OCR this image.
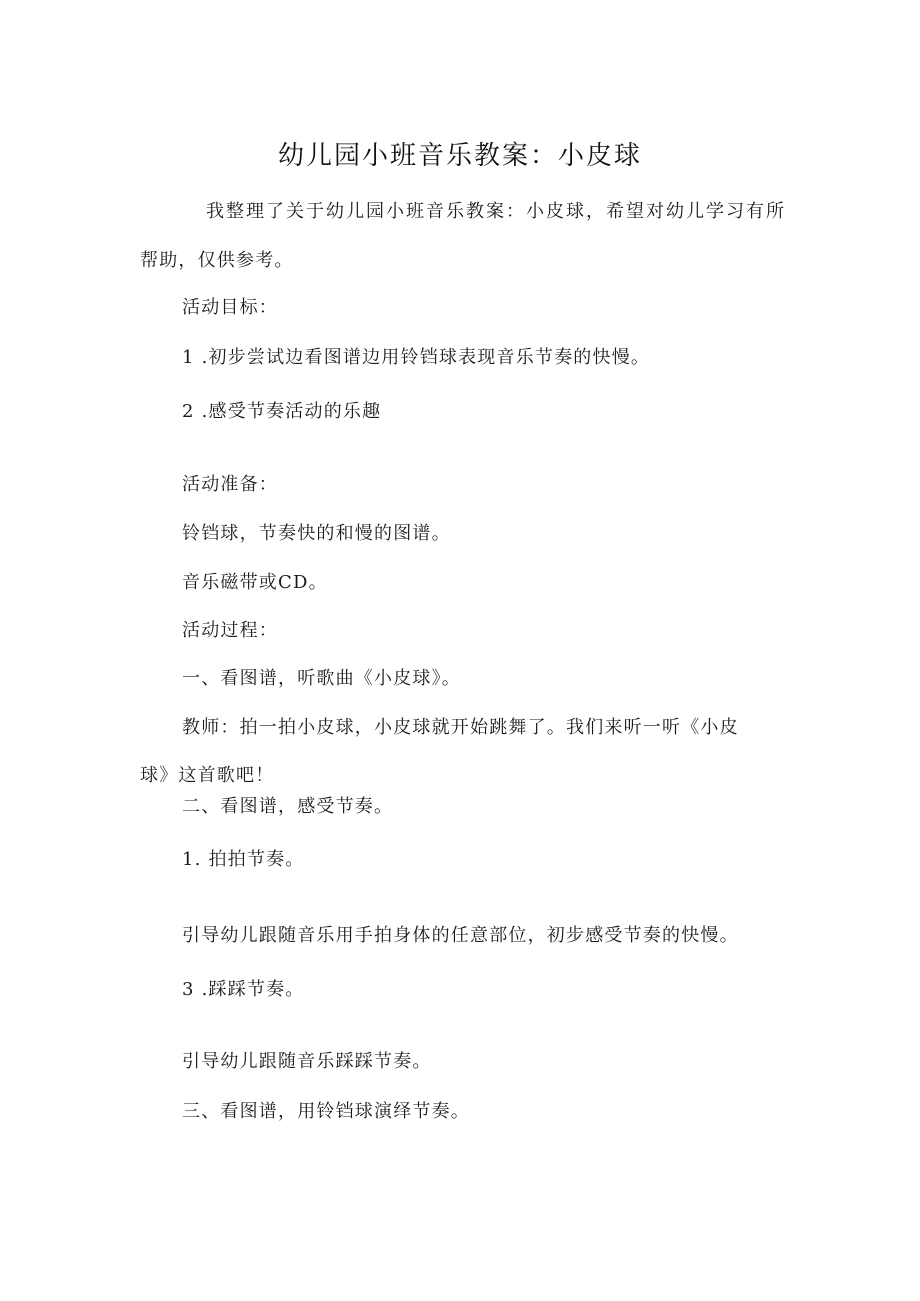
幼儿园小班音乐教案：小皮球
我整理了关于幼儿园小班音乐教案：小皮球，希望对幼儿学习有所
帮助，仅供参考。
活动目标：
1 .初步尝试边看图谱边用铃铛球表现音乐节奏的快慢。
2 .感受节奏活动的乐趣
活动准备：
铃铛球，节奏快的和慢的图谱。
音乐磁带或CD。
活动过程：
一、看图谱，听歌曲《小皮球》。
教师：拍一拍小皮球，小皮球就开始跳舞了。我们来听一听《小皮
球》这首歌吧！
二、看图谱，感受节奏。
1. 拍拍节奏。
引导幼儿跟随音乐用手拍身体的任意部位，初步感受节奏的快慢。
3 .踩踩节奏。
引导幼儿跟随音乐踩踩节奏。
三、看图谱，用铃铛球演绎节奏。
